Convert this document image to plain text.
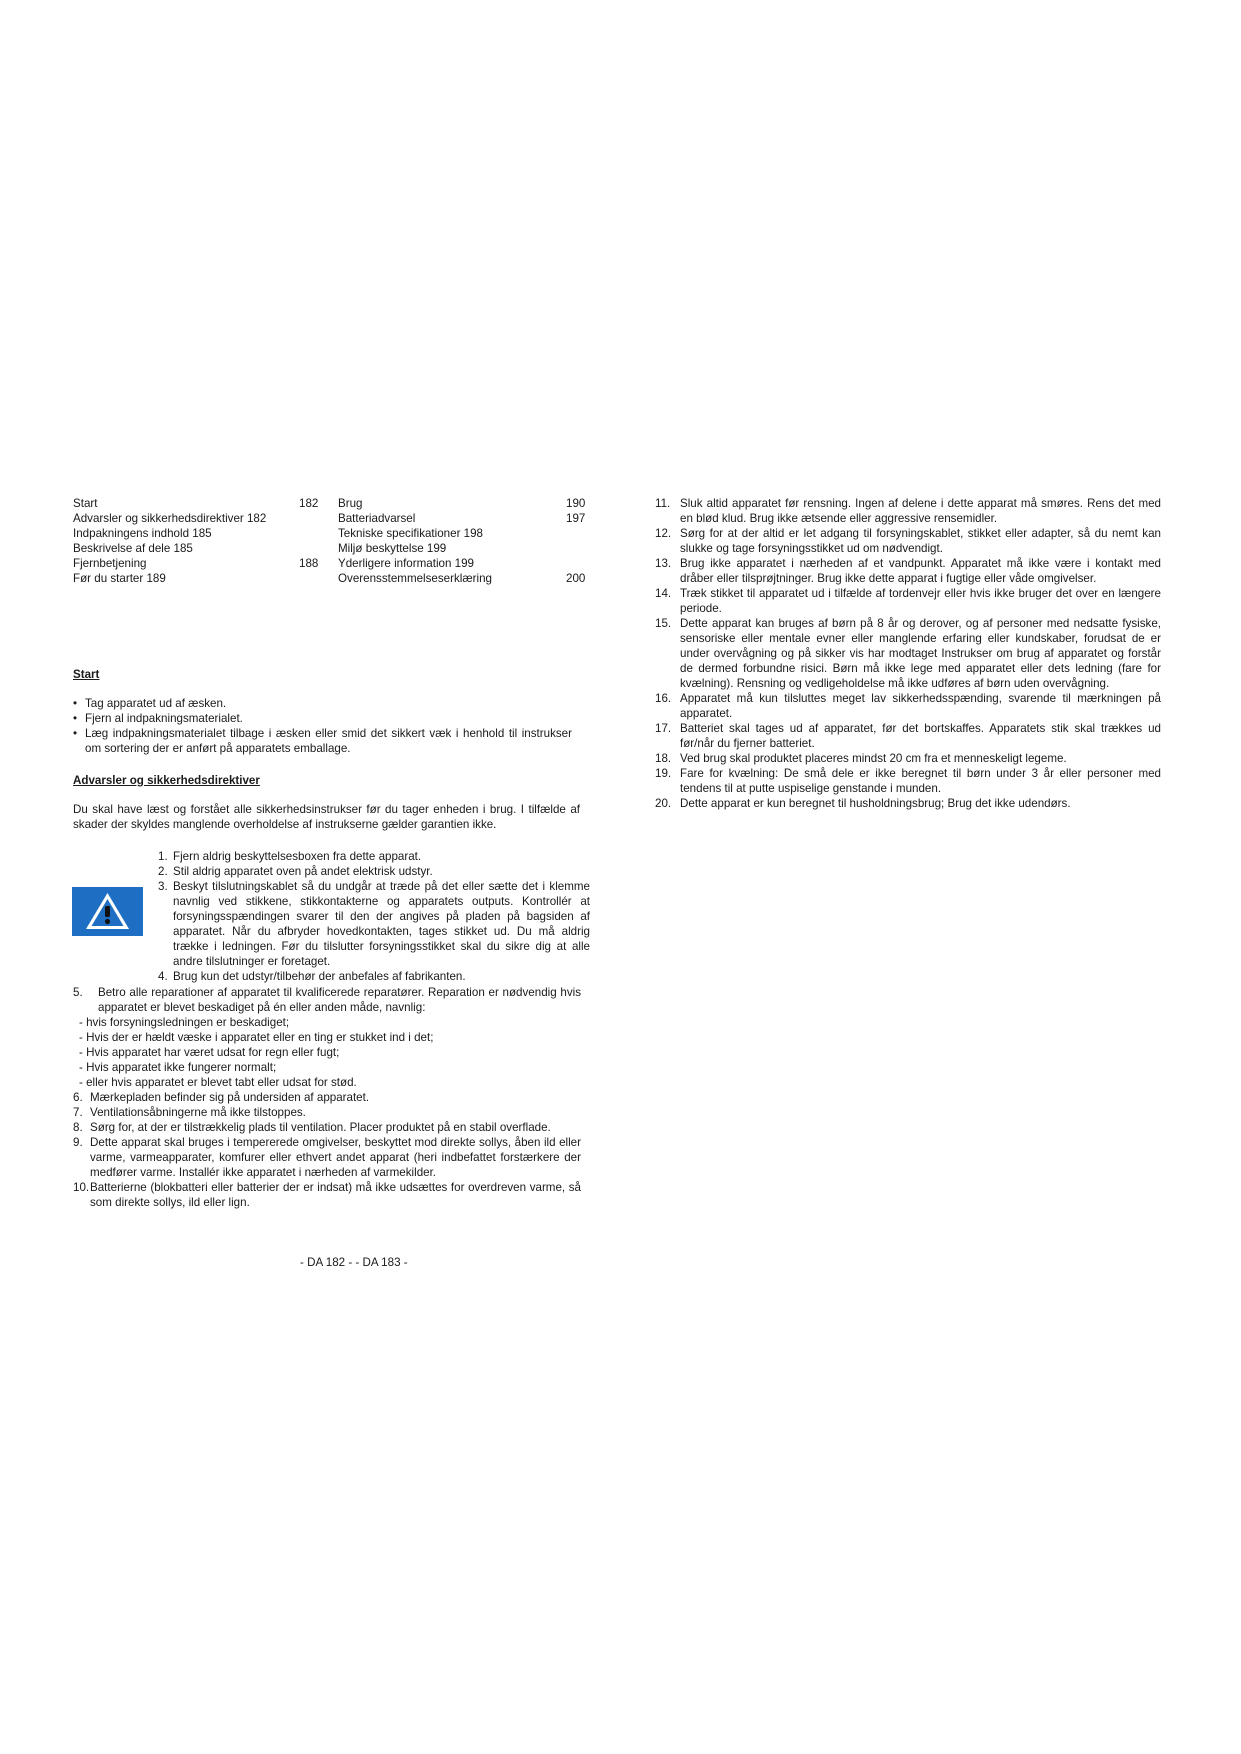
Start	182
Advarsler og sikkerhedsdirektiver 182
Indpakningens indhold 185
Beskrivelse af dele 185
Fjernbetjening	188
Før du starter 189
Brug	190
Batteriadvarsel	197
Tekniske specifikationer 198
Miljø beskyttelse 199
Yderligere information 199
Overensstemmelseserklæring	200
Start
• Tag apparatet ud af æsken.
• Fjern al indpakningsmaterialet.
• Læg indpakningsmaterialet tilbage i æsken eller smid det sikkert væk i henhold til instrukser om sortering der er anført på apparatets emballage.
Advarsler og sikkerhedsdirektiver
Du skal have læst og forstået alle sikkerhedsinstrukser før du tager enheden i brug. I tilfælde af skader der skyldes manglende overholdelse af instrukserne gælder garantien ikke.
1. Fjern aldrig beskyttelsesboxen fra dette apparat.
2. Stil aldrig apparatet oven på andet elektrisk udstyr.
3. Beskyt tilslutningskablet så du undgår at træde på det eller sætte det i klemme navnlig ved stikkene, stikkontakterne og apparatets outputs. Kontrollér at forsyningsspændingen svarer til den der angives på pladen på bagsiden af apparatet. Når du afbryder hovedkontakten, tages stikket ud. Du må aldrig trække i ledningen. Før du tilslutter forsyningsstikket skal du sikre dig at alle andre tilslutninger er foretaget.
4. Brug kun det udstyr/tilbehør der anbefales af fabrikanten.
5.	Betro alle reparationer af apparatet til kvalificerede reparatører. Reparation er nødvendig hvis apparatet er blevet beskadiget på én eller anden måde, navnlig:
- hvis forsyningsledningen er beskadiget;
- Hvis der er hældt væske i apparatet eller en ting er stukket ind i det;
- Hvis apparatet har været udsat for regn eller fugt;
- Hvis apparatet ikke fungerer normalt;
- eller hvis apparatet er blevet tabt eller udsat for stød.
6. Mærkepladen befinder sig på undersiden af apparatet.
7. Ventilationsåbningerne må ikke tilstoppes.
8. Sørg for, at der er tilstrækkelig plads til ventilation. Placer produktet på en stabil overflade.
9. Dette apparat skal bruges i tempererede omgivelser, beskyttet mod direkte sollys, åben ild eller varme, varmeapparater, komfurer eller ethvert andet apparat (heri indbefattet forstærkere der medfører varme. Installér ikke apparatet i nærheden af varmekilder.
10. Batterierne (blokbatteri eller batterier der er indsat) må ikke udsættes for overdreven varme, så som direkte sollys, ild eller lign.
11. Sluk altid apparatet før rensning. Ingen af delene i dette apparat må smøres. Rens det med en blød klud. Brug ikke ætsende eller aggressive rensemidler.
12. Sørg for at der altid er let adgang til forsyningskablet, stikket eller adapter, så du nemt kan slukke og tage forsyningsstikket ud om nødvendigt.
13. Brug ikke apparatet i nærheden af et vandpunkt. Apparatet må ikke være i kontakt med dråber eller tilsprøjtninger. Brug ikke dette apparat i fugtige eller våde omgivelser.
14. Træk stikket til apparatet ud i tilfælde af tordenvejr eller hvis ikke bruger det over en længere periode.
15. Dette apparat kan bruges af børn på 8 år og derover, og af personer med nedsatte fysiske, sensoriske eller mentale evner eller manglende erfaring eller kundskaber, forudsat de er under overvågning og på sikker vis har modtaget Instrukser om brug af apparatet og forstår de dermed forbundne risici. Børn må ikke lege med apparatet eller dets ledning (fare for kvælning). Rensning og vedligeholdelse må ikke udføres af børn uden overvågning.
16. Apparatet må kun tilsluttes meget lav sikkerhedsspænding, svarende til mærkningen på apparatet.
17. Batteriet skal tages ud af apparatet, før det bortskaffes. Apparatets stik skal trækkes ud før/når du fjerner batteriet.
18. Ved brug skal produktet placeres mindst 20 cm fra et menneskeligt legeme.
19. Fare for kvælning: De små dele er ikke beregnet til børn under 3 år eller personer med tendens til at putte uspiselige genstande i munden.
20. Dette apparat er kun beregnet til husholdningsbrug; Brug det ikke udendørs.
- DA 182 - - DA 183 -
